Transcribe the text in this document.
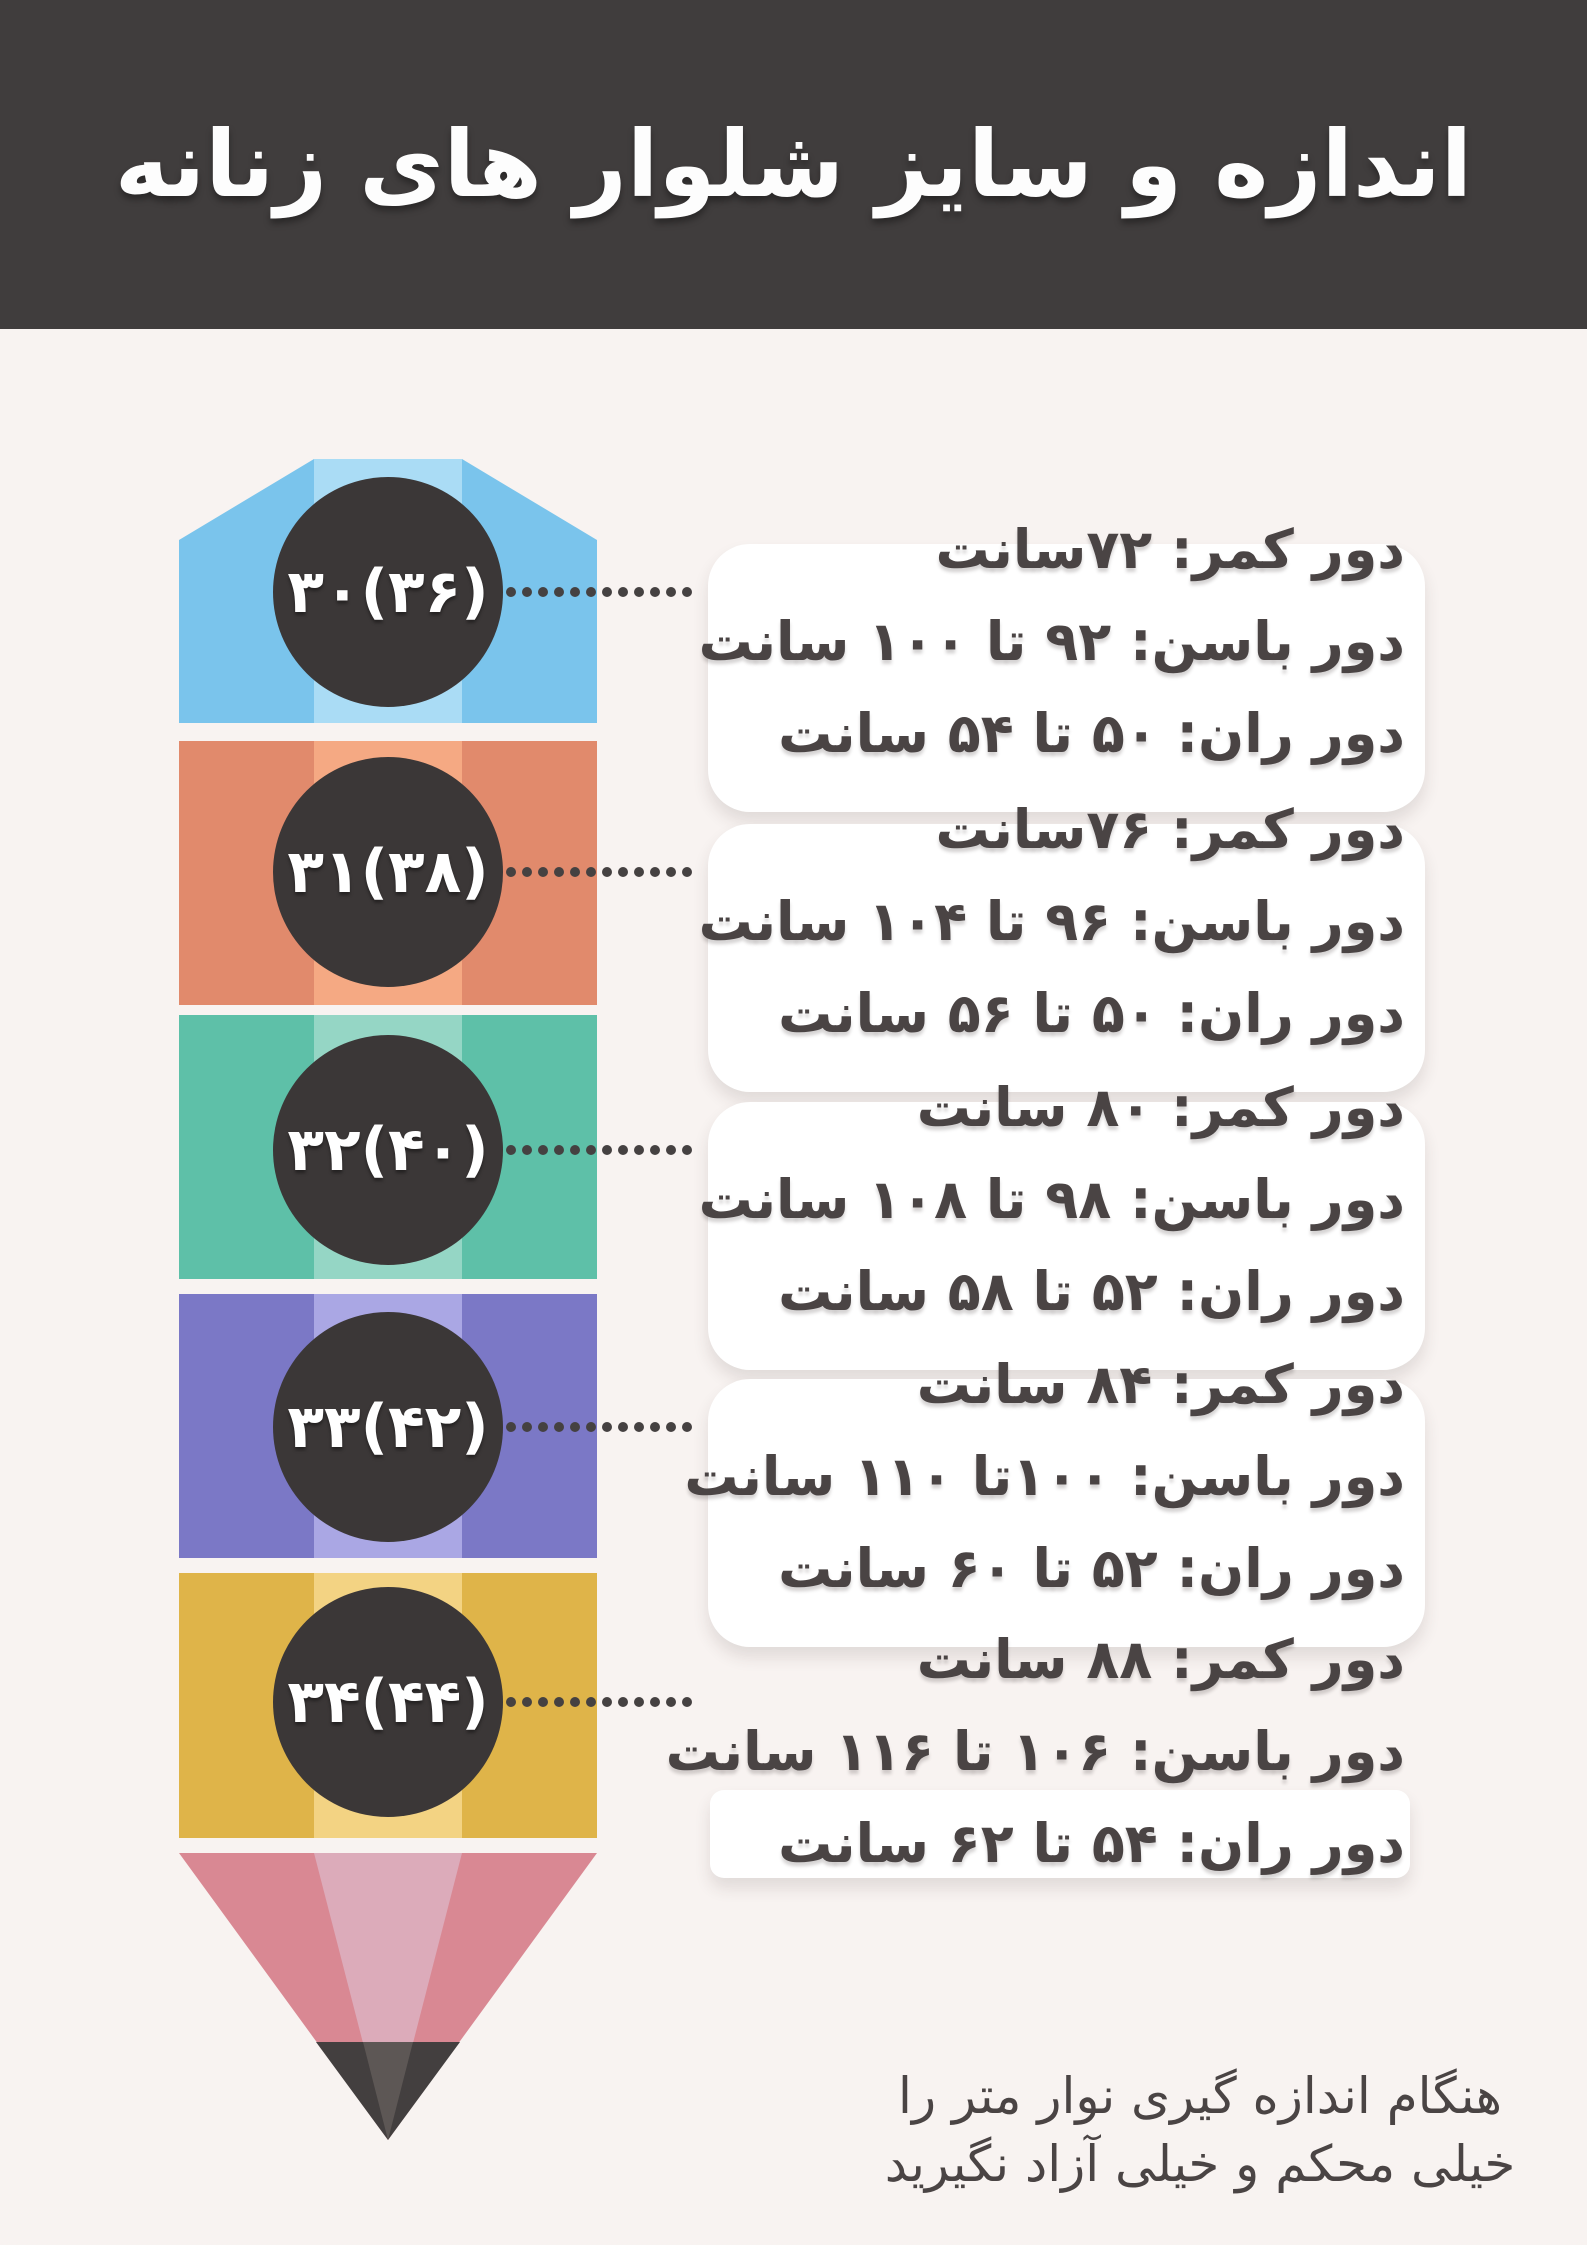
اندازه و سایز شلوار های زنانه
۳۰(۳۶)
۳۱(۳۸)
۳۲(۴۰)
۳۳(۴۲)
۳۴(۴۴)
دور کمر: ۷۲سانت
دور باسن: ۹۲ تا ۱۰۰ سانت
دور ران: ۵۰ تا ۵۴ سانت
دور کمر: ۷۶سانت
دور باسن: ۹۶ تا ۱۰۴ سانت
دور ران: ۵۰ تا ۵۶ سانت
دور کمر: ۸۰ سانت
دور باسن: ۹۸ تا ۱۰۸ سانت
دور ران: ۵۲ تا ۵۸ سانت
دور کمر: ۸۴ سانت
دور باسن: ۱۰۰تا ۱۱۰ سانت
دور ران: ۵۲ تا ۶۰ سانت
دور کمر: ۸۸ سانت
دور باسن: ۱۰۶ تا ۱۱۶ سانت
دور ران: ۵۴ تا ۶۲ سانت
هنگام اندازه گیری نوار متر را
خیلی محکم و خیلی آزاد نگیرید
